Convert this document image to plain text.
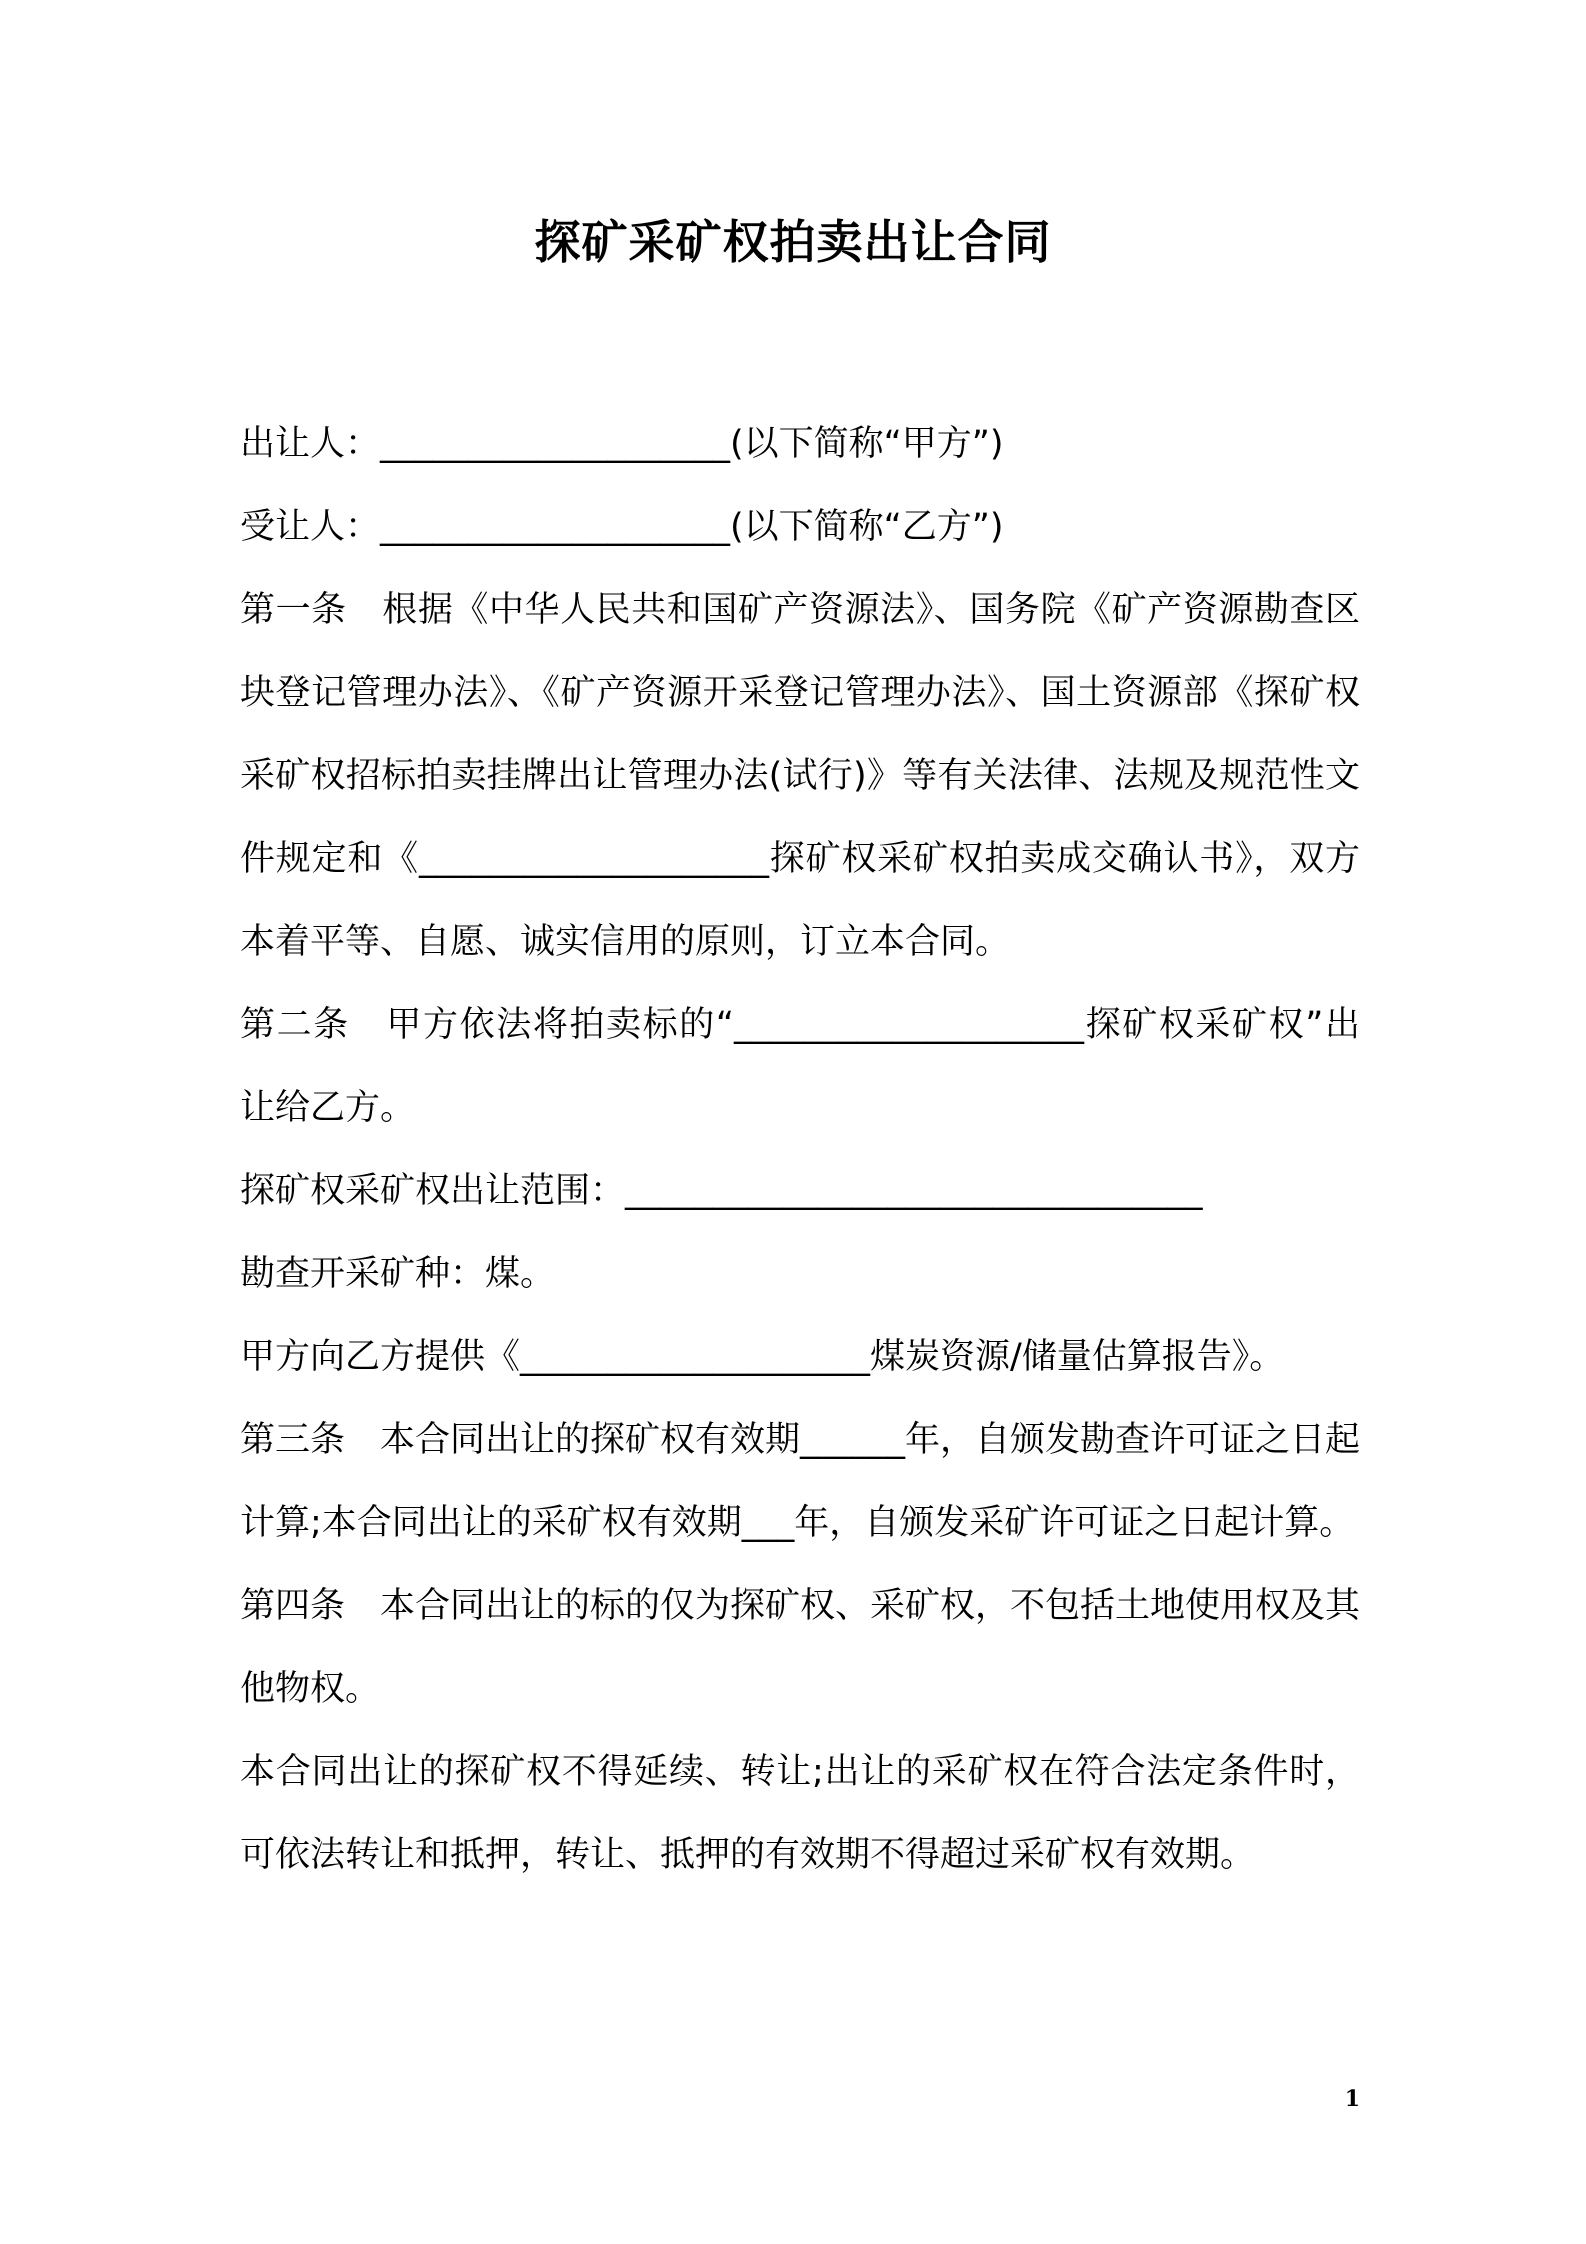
探矿采矿权拍卖出让合同

出让人：____________________(以下简称“甲方”)

受让人：____________________(以下简称“乙方”)

第一条　根据《中华人民共和国矿产资源法》、国务院《矿产资源勘查区块登记管理办法》、《矿产资源开采登记管理办法》、国土资源部《探矿权采矿权招标拍卖挂牌出让管理办法(试行)》等有关法律、法规及规范性文件规定和《____________________探矿权采矿权拍卖成交确认书》，双方本着平等、自愿、诚实信用的原则，订立本合同。

第二条　甲方依法将拍卖标的“____________________探矿权采矿权”出让给乙方。

探矿权采矿权出让范围：_________________________________

勘查开采矿种：煤。

甲方向乙方提供《____________________煤炭资源/储量估算报告》。

第三条　本合同出让的探矿权有效期______年，自颁发勘查许可证之日起计算;本合同出让的采矿权有效期___年，自颁发采矿许可证之日起计算。

第四条　本合同出让的标的仅为探矿权、采矿权，不包括土地使用权及其他物权。

本合同出让的探矿权不得延续、转让;出让的采矿权在符合法定条件时，可依法转让和抵押，转让、抵押的有效期不得超过采矿权有效期。

1
